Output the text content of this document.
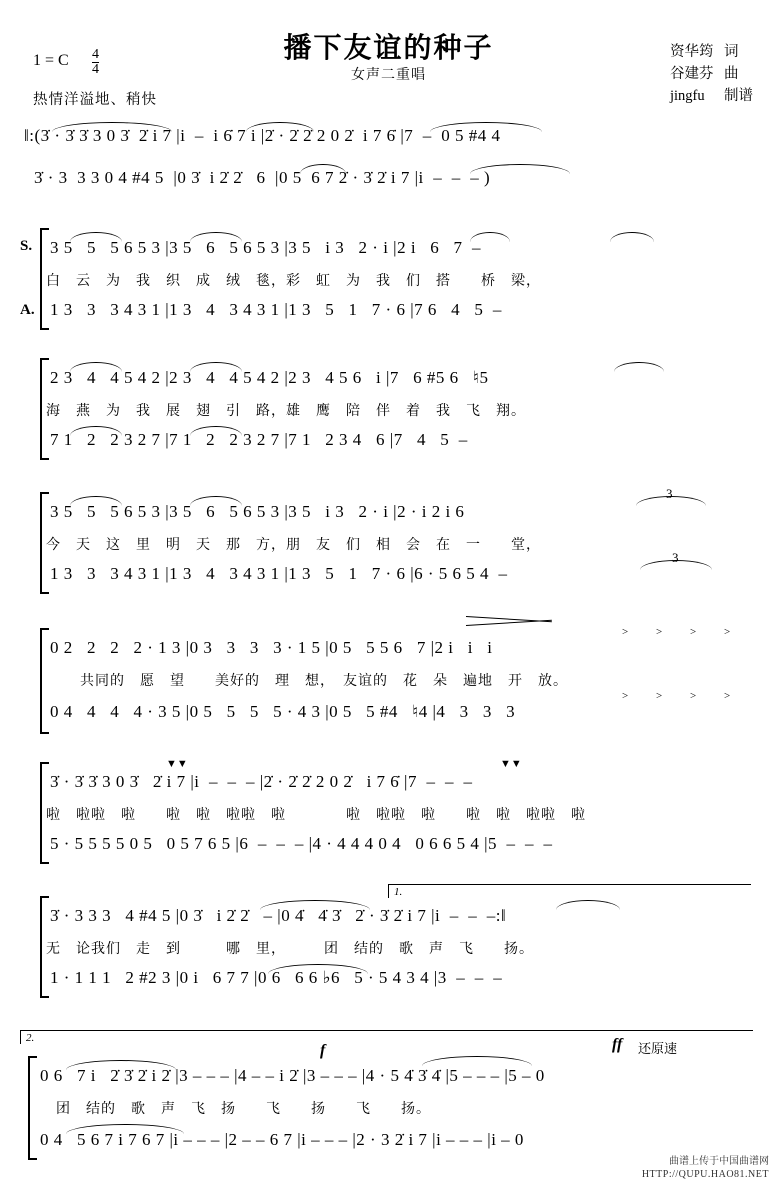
播下友谊的种子
女声二重唱
1 = C $\frac{4}{4}$
热情洋溢地、稍快
资华筠 词
谷建芬 曲
jingfu 制谱
‖:(3̇ · 3̇ 3̇ 3 0 3̇  2̇ i 7 |i  –  i 6̇ 7 i |2̇ · 2̇ 2̇ 2 0 2̇  i 7 6̇ |7  –  0 5 #4 4
3̇ · 3  3 3 0 4 #4 5  |0 3̇  i 2̇ 2̇   6  |0 5  6 7 2̇ · 3̇ 2̇ i 7 |i  –  –  – )
S.
A.
3 5   5   5 6 5 3 |3 5   6   5 6 5 3 |3 5   i 3   2 · i |2 i   6   7  –
白　云　为　我　织　成　绒　毯，彩　虹　为　我　们　搭　　桥　梁，
1 3   3   3 4 3 1 |1 3   4   3 4 3 1 |1 3   5   1   7 · 6 |7 6   4   5  –
2 3   4   4 5 4 2 |2 3   4   4 5 4 2 |2 3   4 5 6   i |7   6 #5 6   ♮5
海　燕　为　我　展　翅　引　路，雄　鹰　陪　伴　着　我　飞　翔。
7 1   2   2 3 2 7 |7 1   2   2 3 2 7 |7 1   2 3 4   6 |7   4   5  –
3 5   5   5 6 5 3 |3 5   6   5 6 5 3 |3 5   i 3   2 · i |2 · i 2 i 6
今　天　这　里　明　天　那　方，朋　友　们　相　会　在　一　　堂，
1 3   3   3 4 3 1 |1 3   4   3 4 3 1 |1 3   5   1   7 · 6 |6 · 5 6 5 4  –
3
3
0 2   2   2   2 · 1 3 |0 3   3   3   3 · 1 5 |0 5   5 5 6   7 |2 i   i   i
共同的　愿　望　　美好的　理　想，　友谊的　花　朵　遍地　开　放。
0 4   4   4   4 · 3 5 |0 5   5   5   5 · 4 3 |0 5   5 #4   ♮4 |4   3   3   3
>	>	>	>
>	>	>	>
3̇ · 3̇ 3̇ 3 0 3̇   2̇ i 7 |i  –  –  – |2̇ · 2̇ 2̇ 2 0 2̇   i 7 6̇ |7  –  –  –
啦　啦啦　啦　　啦　啦　啦啦　啦　　　　啦　啦啦　啦　　啦　啦　啦啦　啦
5 · 5 5 5 5 0 5   0 5 7 6 5 |6  –  –  – |4 · 4 4 4 0 4   0 6 6 5 4 |5  –  –  –
▼▼	▼▼
1.
3̇ · 3 3 3   4 #4 5 |0 3̇   i 2̇ 2̇   – |0 4̇   4̇ 3̇   2̇ · 3̇ 2̇ i 7 |i  –  –  –:‖
无　论我们　走　到　　　哪　里，　　　团　结的　歌　声　飞　　扬。
1 · 1 1 1   2 #2 3 |0 i   6 7 7 |0 6   6 6 ♭6   5 · 5 4 3 4 |3  –  –  –
2.
f	ff 还原速
0 6   7 i   2̇ 3̇ 2̇ i 2̇ |3 – – – |4 – – i 2̇ |3 – – – |4 · 5 4̇ 3̇ 4̇ |5 – – – |5 – 0
团　结的　歌　声　飞　扬　　飞　　扬　　飞　　扬。
0 4   5 6 7 i 7 6 7 |i – – – |2 – – 6 7 |i – – – |2 · 3 2̇ i 7 |i – – – |i – 0
曲谱上传于中国曲谱网
HTTP://QUPU.HAO81.NET
